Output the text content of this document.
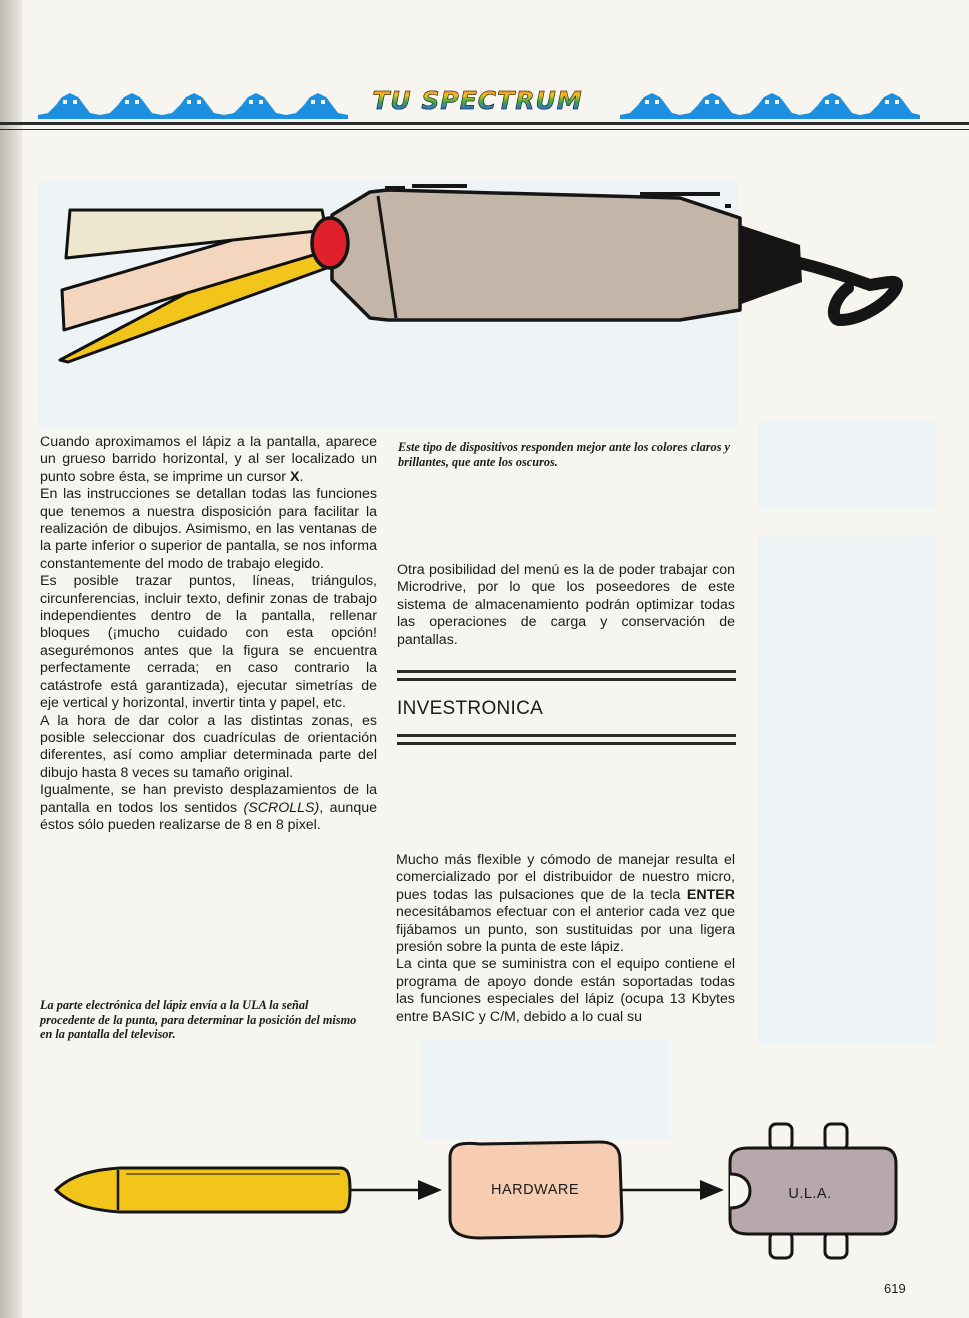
TU SPECTRUM

Cuando aproximamos el lápiz a la pantalla, aparece un grueso barrido horizontal, y al ser localizado un punto sobre ésta, se imprime un cursor X.

En las instrucciones se detallan todas las funciones que tenemos a nuestra disposición para facilitar la realización de dibujos. Asimismo, en las ventanas de la parte inferior o superior de pantalla, se nos informa constantemente del modo de trabajo elegido.

Es posible trazar puntos, líneas, triángulos, circunferencias, incluir texto, definir zonas de trabajo independientes dentro de la pantalla, rellenar bloques (¡mucho cuidado con esta opción! asegurémonos antes que la figura se encuentra perfectamente cerrada; en caso contrario la catástrofe está garantizada), ejecutar simetrías de eje vertical y horizontal, invertir tinta y papel, etc.

A la hora de dar color a las distintas zonas, es posible seleccionar dos cuadrículas de orientación diferentes, así como ampliar determinada parte del dibujo hasta 8 veces su tamaño original.

Igualmente, se han previsto desplazamientos de la pantalla en todos los sentidos (SCROLLS), aunque éstos sólo pueden realizarse de 8 en 8 pixel.

La parte electrónica del lápiz envía a la ULA la señal procedente de la punta, para determinar la posición del mismo en la pantalla del televisor.

Este tipo de dispositivos responden mejor ante los colores claros y brillantes, que ante los oscuros.

Otra posibilidad del menú es la de poder trabajar con Microdrive, por lo que los poseedores de este sistema de almacenamiento podrán optimizar todas las operaciones de carga y conservación de pantallas.

INVESTRONICA

Mucho más flexible y cómodo de manejar resulta el comercializado por el distribuidor de nuestro micro, pues todas las pulsaciones que de la tecla ENTER necesitábamos efectuar con el anterior cada vez que fijábamos un punto, son sustituidas por una ligera presión sobre la punta de este lápiz.

La cinta que se suministra con el equipo contiene el programa de apoyo donde están soportadas todas las funciones especiales del lápiz (ocupa 13 Kbytes entre BASIC y C/M, debido a lo cual su

HARDWARE	U.L.A.
619
